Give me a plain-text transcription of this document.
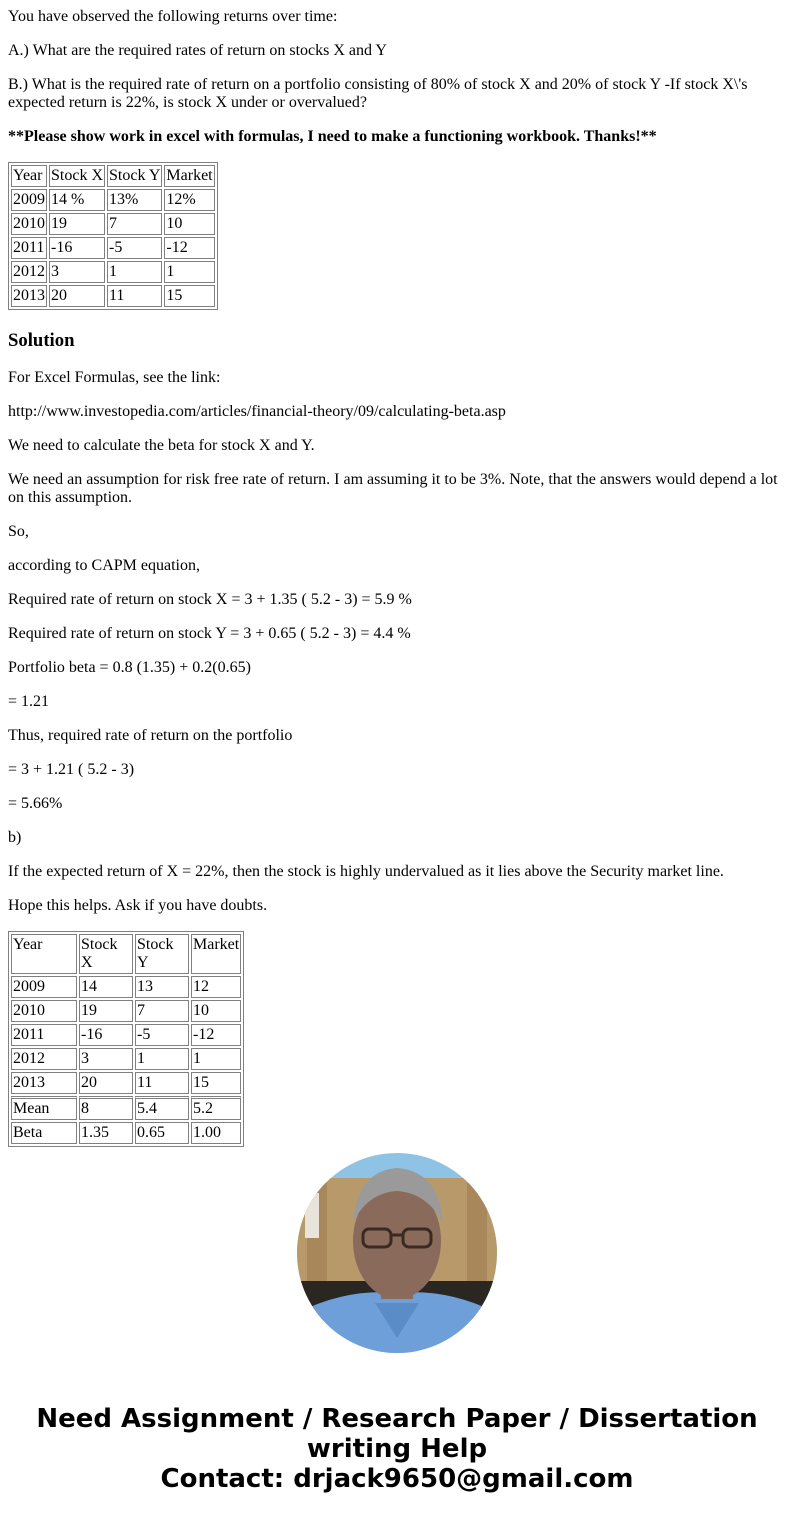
You have observed the following returns over time:

A.) What are the required rates of return on stocks X and Y

B.) What is the required rate of return on a portfolio consisting of 80% of stock X and 20% of stock Y -If stock X\'s expected return is 22%, is stock X under or overvalued?

**Please show work in excel with formulas, I need to make a functioning workbook. Thanks!**

Year	Stock X	Stock Y	Market
2009	14 %	13%	12%
2010	19	7	10
2011	-16	-5	-12
2012	3	1	1
2013	20	11	15
Solution

For Excel Formulas, see the link:

http://www.investopedia.com/articles/financial-theory/09/calculating-beta.asp

We need to calculate the beta for stock X and Y.

We need an assumption for risk free rate of return. I am assuming it to be 3%. Note, that the answers would depend a lot on this assumption.

So,

according to CAPM equation,

Required rate of return on stock X = 3 + 1.35 ( 5.2 - 3) = 5.9 %

Required rate of return on stock Y = 3 + 0.65 ( 5.2 - 3) = 4.4 %

Portfolio beta = 0.8 (1.35) + 0.2(0.65)

= 1.21

Thus, required rate of return on the portfolio

= 3 + 1.21 ( 5.2 - 3)

= 5.66%

b)

If the expected return of X = 22%, then the stock is highly undervalued as it lies above the Security market line.

Hope this helps. Ask if you have doubts.

Year	Stock X	Stock Y	Market
2009	14	13	12
2010	19	7	10
2011	-16	-5	-12
2012	3	1	1
2013	20	11	15
Mean	8	5.4	5.2
Beta	1.35	0.65	1.00
Need Assignment / Research Paper / Dissertation
writing Help
Contact: drjack9650@gmail.com
